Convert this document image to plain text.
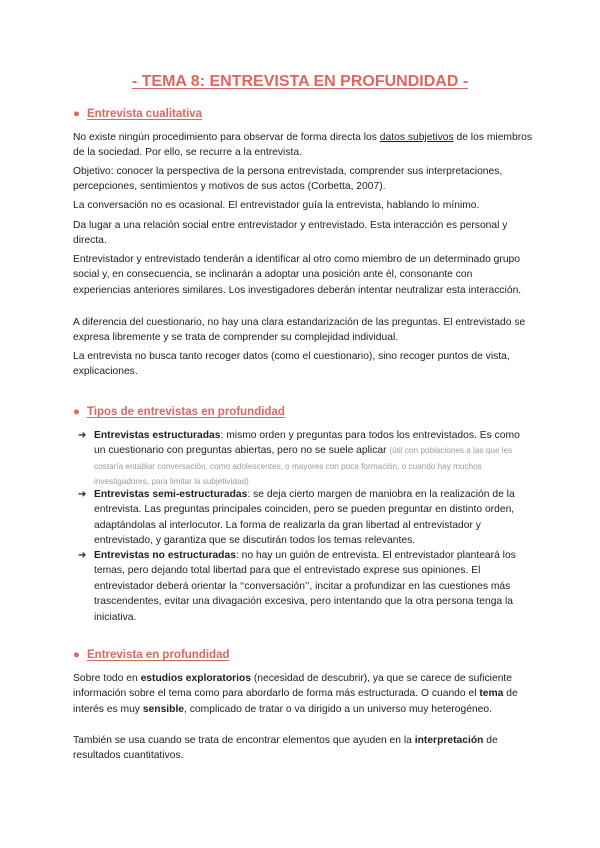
- TEMA 8: ENTREVISTA EN PROFUNDIDAD -
● Entrevista cualitativa
No existe ningún procedimiento para observar de forma directa los datos subjetivos de los miembros de la sociedad. Por ello, se recurre a la entrevista.
Objetivo: conocer la perspectiva de la persona entrevistada, comprender sus interpretaciones, percepciones, sentimientos y motivos de sus actos (Corbetta, 2007).
La conversación no es ocasional. El entrevistador guía la entrevista, hablando lo mínimo.
Da lugar a una relación social entre entrevistador y entrevistado. Esta interacción es personal y directa.
Entrevistador y entrevistado tenderán a identificar al otro como miembro de un determinado grupo social y, en consecuencia, se inclinarán a adoptar una posición ante él, consonante con experiencias anteriores similares. Los investigadores deberán intentar neutralizar esta interacción.
A diferencia del cuestionario, no hay una clara estandarización de las preguntas. El entrevistado se expresa libremente y se trata de comprender su complejidad individual.
La entrevista no busca tanto recoger datos (como el cuestionario), sino recoger puntos de vista, explicaciones.
● Tipos de entrevistas en profundidad
➔ Entrevistas estructuradas: mismo orden y preguntas para todos los entrevistados. Es como un cuestionario con preguntas abiertas, pero no se suele aplicar (útil con poblaciones a las que les costaría entablar conversación, como adolescentes, o mayores con poca formación, o cuando hay muchos investigadores, para limitar la subjetividad).
➔ Entrevistas semi-estructuradas: se deja cierto margen de maniobra en la realización de la entrevista. Las preguntas principales coinciden, pero se pueden preguntar en distinto orden, adaptándolas al interlocutor. La forma de realizarla da gran libertad al entrevistador y entrevistado, y garantiza que se discutirán todos los temas relevantes.
➔ Entrevistas no estructuradas: no hay un guión de entrevista. El entrevistador planteará los temas, pero dejando total libertad para que el entrevistado exprese sus opiniones. El entrevistador deberá orientar la ‘‘conversación’’, incitar a profundizar en las cuestiones más trascendentes, evitar una divagación excesiva, pero intentando que la otra persona tenga la iniciativa.
● Entrevista en profundidad
Sobre todo en estudios exploratorios (necesidad de descubrir), ya que se carece de suficiente información sobre el tema como para abordarlo de forma más estructurada. O cuando el tema de interés es muy sensible, complicado de tratar o va dirigido a un universo muy heterogéneo.
También se usa cuando se trata de encontrar elementos que ayuden en la interpretación de resultados cuantitativos.
